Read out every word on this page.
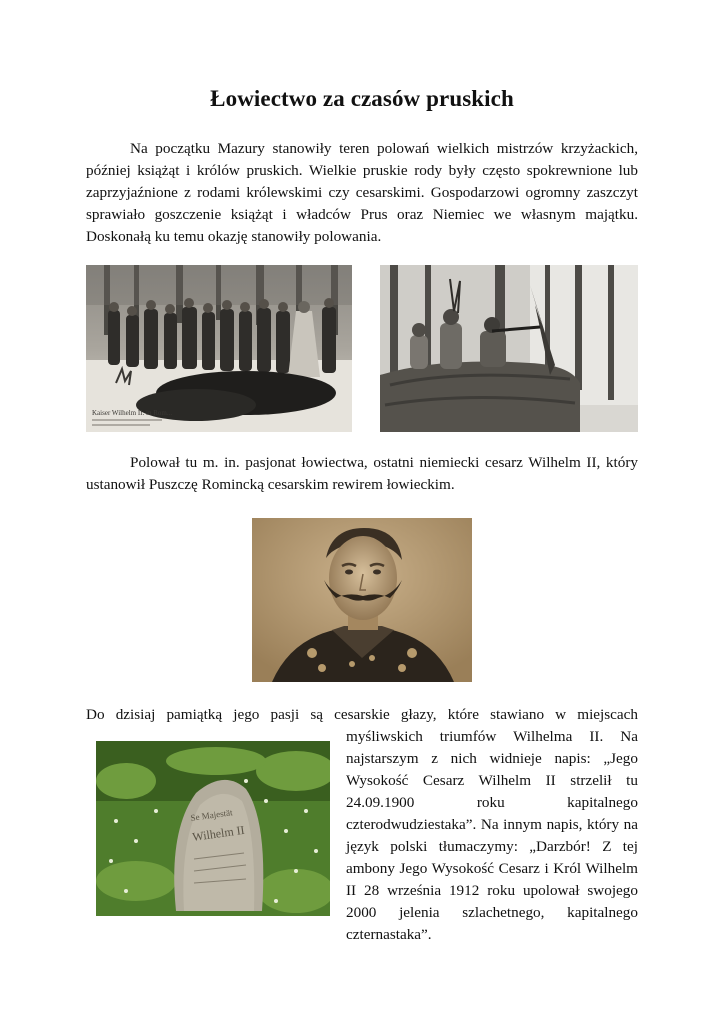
Łowiectwo za czasów pruskich

Na początku Mazury stanowiły teren polowań wielkich mistrzów krzyżackich, później książąt i królów pruskich. Wielkie pruskie rody były często spokrewnione lub zaprzyjaźnione z rodami królewskimi czy cesarskimi. Gospodarzowi ogromny zaszczyt sprawiało goszczenie książąt i władców Prus oraz Niemiec we własnym majątku. Doskonałą ku temu okazję stanowiły polowania.

Kaiser Wilhelm II. in Rom...

Polował tu m. in. pasjonat łowiectwa, ostatni niemiecki cesarz Wilhelm II, który ustanowił Puszczę Romincką cesarskim rewirem łowieckim.

Do dzisiaj pamiątką jego pasji są cesarskie głazy, które stawiano w miejscach

Se Majestät
Wilhelm II

myśliwskich triumfów Wilhelma II. Na najstarszym z nich widnieje napis: „Jego Wysokość Cesarz Wilhelm II strzelił tu 24.09.1900 roku kapitalnego czterodwudziestaka”. Na innym napis, który na język polski tłumaczymy: „Darzbór! Z tej ambony Jego Wysokość Cesarz i Król Wilhelm II 28 września 1912 roku upolował swojego 2000 jelenia szlachetnego, kapitalnego czternastaka”.
